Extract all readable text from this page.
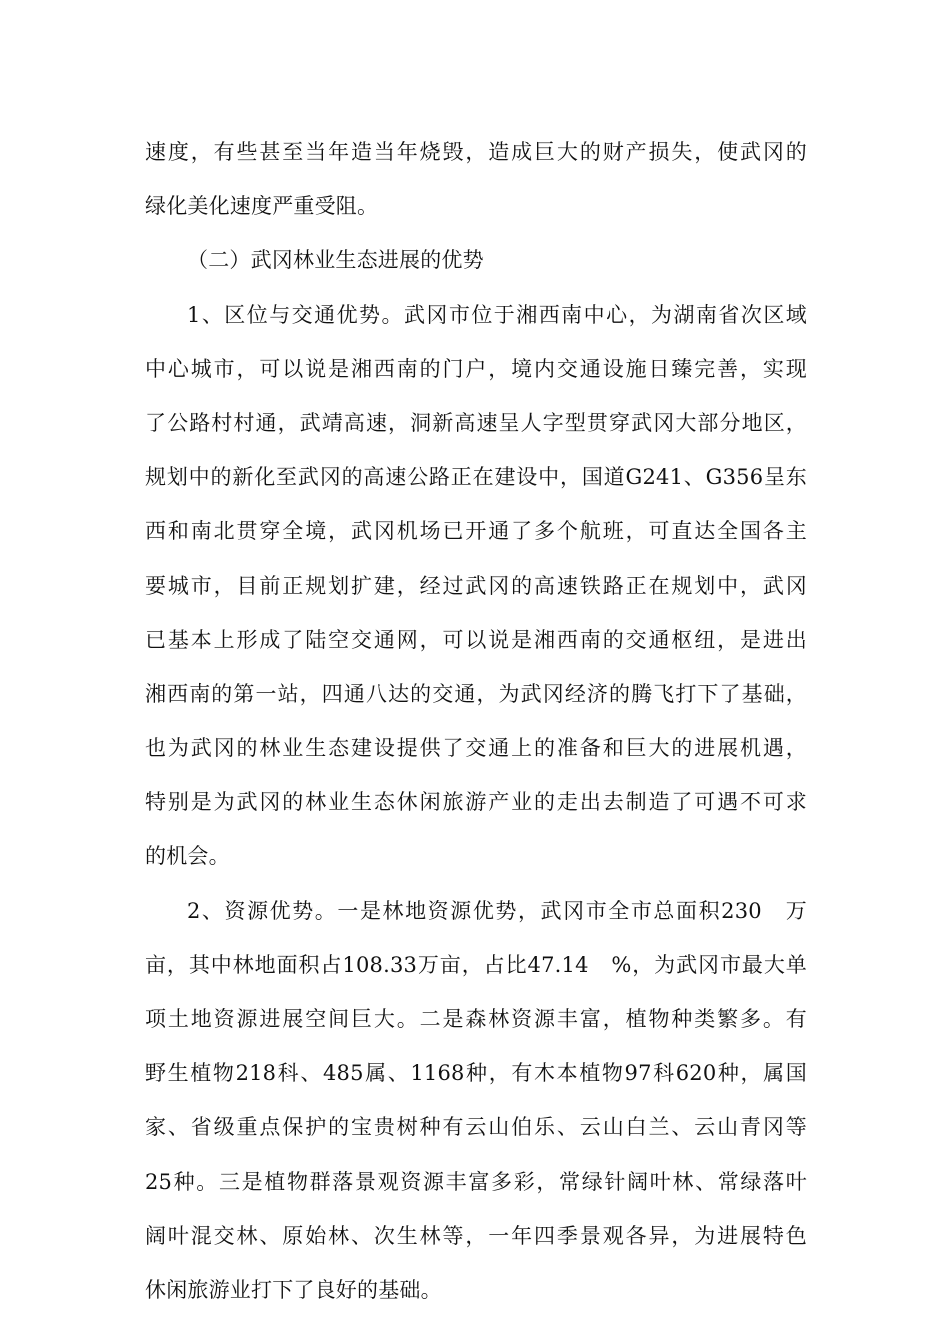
速度，有些甚至当年造当年烧毁，造成巨大的财产损失，使武冈的
绿化美化速度严重受阻。
（二）武冈林业生态进展的优势
1、区位与交通优势。武冈市位于湘西南中心，为湖南省次区域
中心城市，可以说是湘西南的门户，境内交通设施日臻完善，实现
了公路村村通，武靖高速，洞新高速呈人字型贯穿武冈大部分地区，
规划中的新化至武冈的高速公路正在建设中，国道G241、G356呈东
西和南北贯穿全境，武冈机场已开通了多个航班，可直达全国各主
要城市，目前正规划扩建，经过武冈的高速铁路正在规划中，武冈
已基本上形成了陆空交通网，可以说是湘西南的交通枢纽，是进出
湘西南的第一站，四通八达的交通，为武冈经济的腾飞打下了基础，
也为武冈的林业生态建设提供了交通上的准备和巨大的进展机遇，
特别是为武冈的林业生态休闲旅游产业的走出去制造了可遇不可求
的机会。
2、资源优势。一是林地资源优势，武冈市全市总面积230　万
亩，其中林地面积占108.33万亩，占比47.14　%，为武冈市最大单
项土地资源进展空间巨大。二是森林资源丰富，植物种类繁多。有
野生植物218科、485属、1168种，有木本植物97科620种，属国
家、省级重点保护的宝贵树种有云山伯乐、云山白兰、云山青冈等
25种。三是植物群落景观资源丰富多彩，常绿针阔叶林、常绿落叶
阔叶混交林、原始林、次生林等，一年四季景观各异，为进展特色
休闲旅游业打下了良好的基础。
